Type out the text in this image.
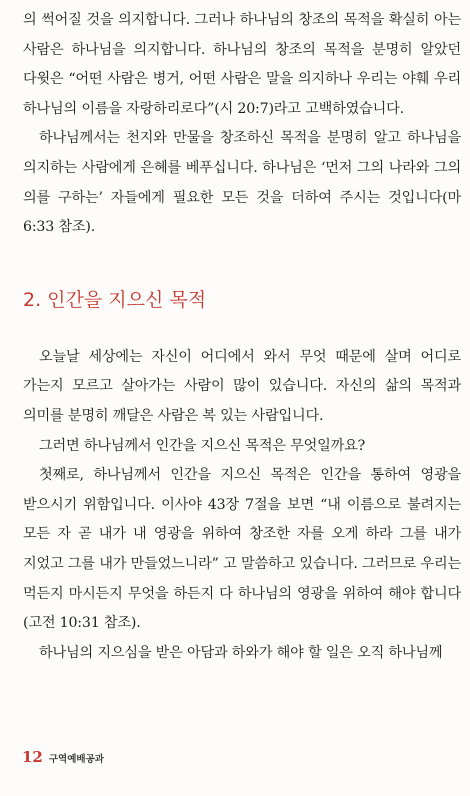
의 썩어질 것을 의지합니다. 그러나 하나님의 창조의 목적을 확실히 아는 사람은 하나님을 의지합니다. 하나님의 창조의 목적을 분명히 알았던 다윗은 “어떤 사람은 병거, 어떤 사람은 말을 의지하나 우리는 야훼 우리 하나님의 이름을 자랑하리로다”(시 20:7)라고 고백하였습니다.

하나님께서는 천지와 만물을 창조하신 목적을 분명히 알고 하나님을 의지하는 사람에게 은혜를 베푸십니다. 하나님은 ‘먼저 그의 나라와 그의 의를 구하는’ 자들에게 필요한 모든 것을 더하여 주시는 것입니다(마 6:33 참조).

2. 인간을 지으신 목적

오늘날 세상에는 자신이 어디에서 와서 무엇 때문에 살며 어디로 가는지 모르고 살아가는 사람이 많이 있습니다. 자신의 삶의 목적과 의미를 분명히 깨달은 사람은 복 있는 사람입니다.

그러면 하나님께서 인간을 지으신 목적은 무엇일까요?

첫째로, 하나님께서 인간을 지으신 목적은 인간을 통하여 영광을 받으시기 위함입니다. 이사야 43장 7절을 보면 “내 이름으로 불려지는 모든 자 곧 내가 내 영광을 위하여 창조한 자를 오게 하라 그를 내가 지었고 그를 내가 만들었느니라” 고 말씀하고 있습니다. 그러므로 우리는 먹든지 마시든지 무엇을 하든지 다 하나님의 영광을 위하여 해야 합니다(고전 10:31 참조).

하나님의 지으심을 받은 아담과 하와가 해야 할 일은 오직 하나님께

12 구역예배공과
